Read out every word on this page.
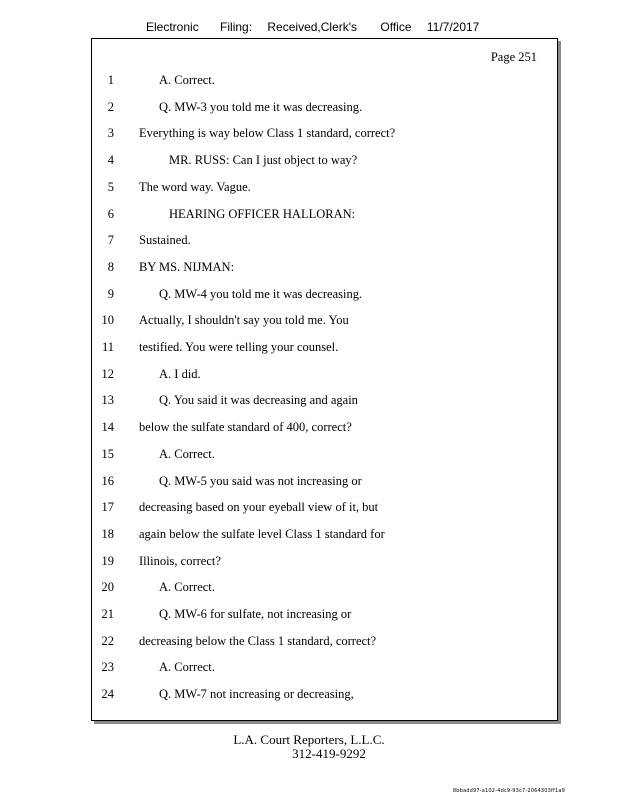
Electronic Filing: Received,Clerk's Office 11/7/2017
Page 251
1	A. Correct.
2	Q. MW-3 you told me it was decreasing.
3 Everything is way below Class 1 standard, correct?
4	MR. RUSS: Can I just object to way?
5 The word way. Vague.
6	HEARING OFFICER HALLORAN:
7 Sustained.
8 BY MS. NIJMAN:
9	Q. MW-4 you told me it was decreasing.
10 Actually, I shouldn't say you told me. You
11 testified. You were telling your counsel.
12	A. I did.
13	Q. You said it was decreasing and again
14 below the sulfate standard of 400, correct?
15	A. Correct.
16	Q. MW-5 you said was not increasing or
17 decreasing based on your eyeball view of it, but
18 again below the sulfate level Class 1 standard for
19 Illinois, correct?
20	A. Correct.
21	Q. MW-6 for sulfate, not increasing or
22 decreasing below the Class 1 standard, correct?
23	A. Correct.
24	Q. MW-7 not increasing or decreasing,
L.A. Court Reporters, L.L.C.
312-419-9292
8bbadd97-a102-4dc9-93c7-2064303ff1a9
